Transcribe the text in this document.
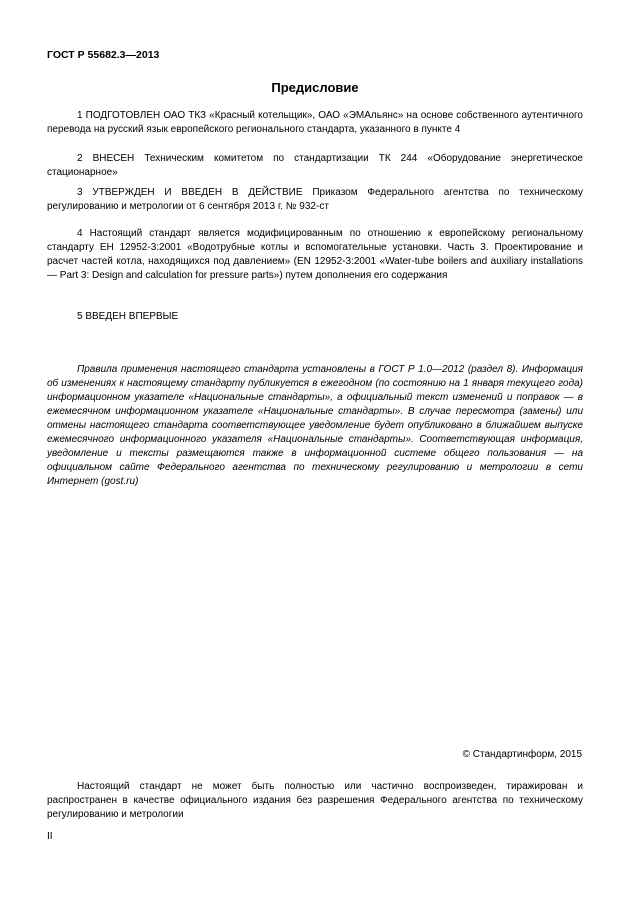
ГОСТ Р 55682.3—2013
Предисловие

1 ПОДГОТОВЛЕН ОАО ТКЗ «Красный котельщик», ОАО «ЭМАльянс» на основе собственного аутентичного перевода на русский язык европейского регионального стандарта, указанного в пункте 4

2 ВНЕСЕН Техническим комитетом по стандартизации ТК 244 «Оборудование энергетическое стационарное»

3 УТВЕРЖДЕН И ВВЕДЕН В ДЕЙСТВИЕ Приказом Федерального агентства по техническому регулированию и метрологии от 6 сентября 2013 г. № 932-ст

4 Настоящий стандарт является модифицированным по отношению к европейскому региональному стандарту ЕН 12952-3:2001 «Водотрубные котлы и вспомогательные установки. Часть 3. Проектирование и расчет частей котла, находящихся под давлением» (EN 12952-3:2001 «Water-tube boilers and auxiliary installations — Part 3: Design and calculation for pressure parts») путем дополнения его содержания

5 ВВЕДЕН ВПЕРВЫЕ

Правила применения настоящего стандарта установлены в ГОСТ Р 1.0—2012 (раздел 8). Информация об изменениях к настоящему стандарту публикуется в ежегодном (по состоянию на 1 января текущего года) информационном указателе «Национальные стандарты», а официальный текст изменений и поправок — в ежемесячном информационном указателе «Национальные стандарты». В случае пересмотра (замены) или отмены настоящего стандарта соответствующее уведомление будет опубликовано в ближайшем выпуске ежемесячного информационного указателя «Национальные стандарты». Соответствующая информация, уведомление и тексты размещаются также в информационной системе общего пользования — на официальном сайте Федерального агентства по техническому регулированию и метрологии в сети Интернет (gost.ru)

© Стандартинформ, 2015

Настоящий стандарт не может быть полностью или частично воспроизведен, тиражирован и распространен в качестве официального издания без разрешения Федерального агентства по техническому регулированию и метрологии

II
